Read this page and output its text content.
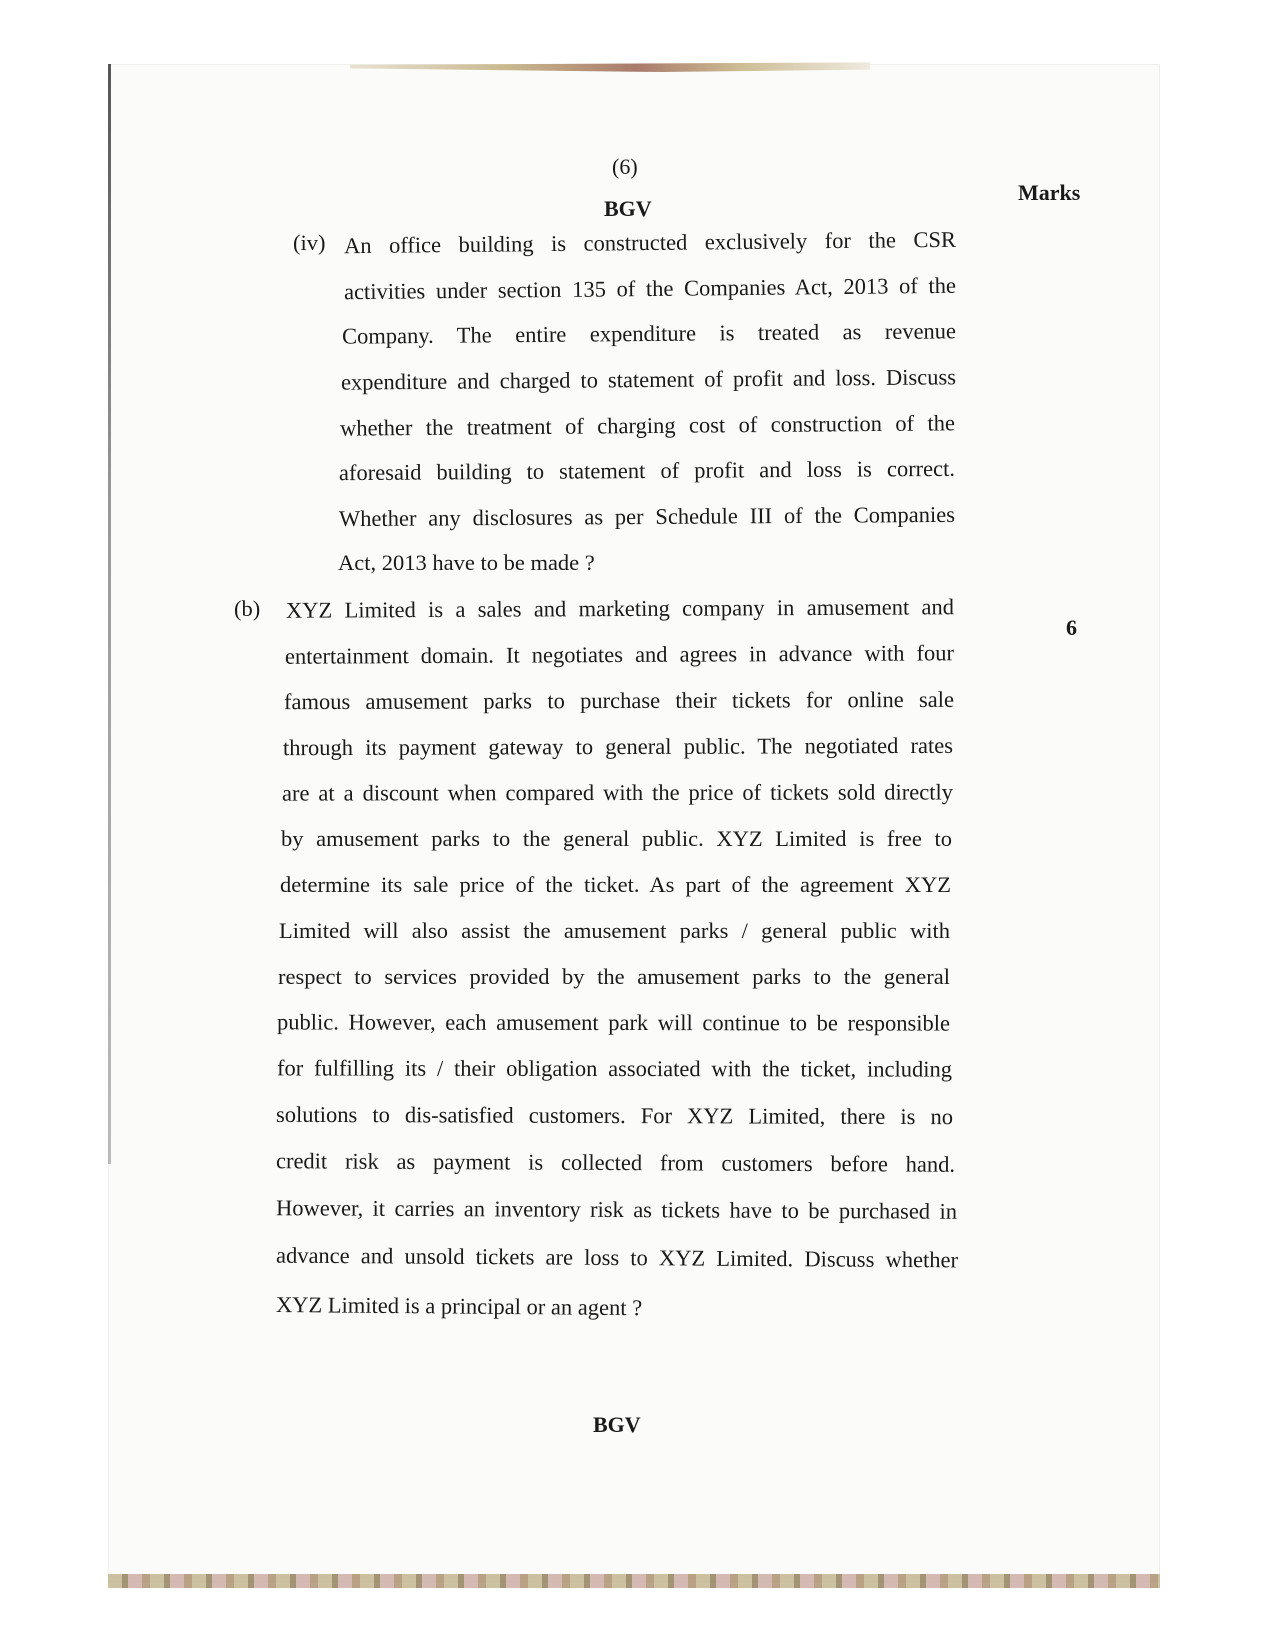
(6)
BGV
Marks
(iv) An office building is constructed exclusively for the CSR
activities under section 135 of the Companies Act, 2013 of the
Company. The entire expenditure is treated as revenue
expenditure and charged to statement of profit and loss. Discuss
whether the treatment of charging cost of construction of the
aforesaid building to statement of profit and loss is correct.
Whether any disclosures as per Schedule III of the Companies
Act, 2013 have to be made ?
(b)
6
XYZ Limited is a sales and marketing company in amusement and
entertainment domain. It negotiates and agrees in advance with four
famous amusement parks to purchase their tickets for online sale
through its payment gateway to general public. The negotiated rates
are at a discount when compared with the price of tickets sold directly
by amusement parks to the general public. XYZ Limited is free to
determine its sale price of the ticket. As part of the agreement XYZ
Limited will also assist the amusement parks / general public with
respect to services provided by the amusement parks to the general
public. However, each amusement park will continue to be responsible
for fulfilling its / their obligation associated with the ticket, including
solutions to dis-satisfied customers. For XYZ Limited, there is no
credit risk as payment is collected from customers before hand.
However, it carries an inventory risk as tickets have to be purchased in
advance and unsold tickets are loss to XYZ Limited. Discuss whether
XYZ Limited is a principal or an agent ?
BGV
